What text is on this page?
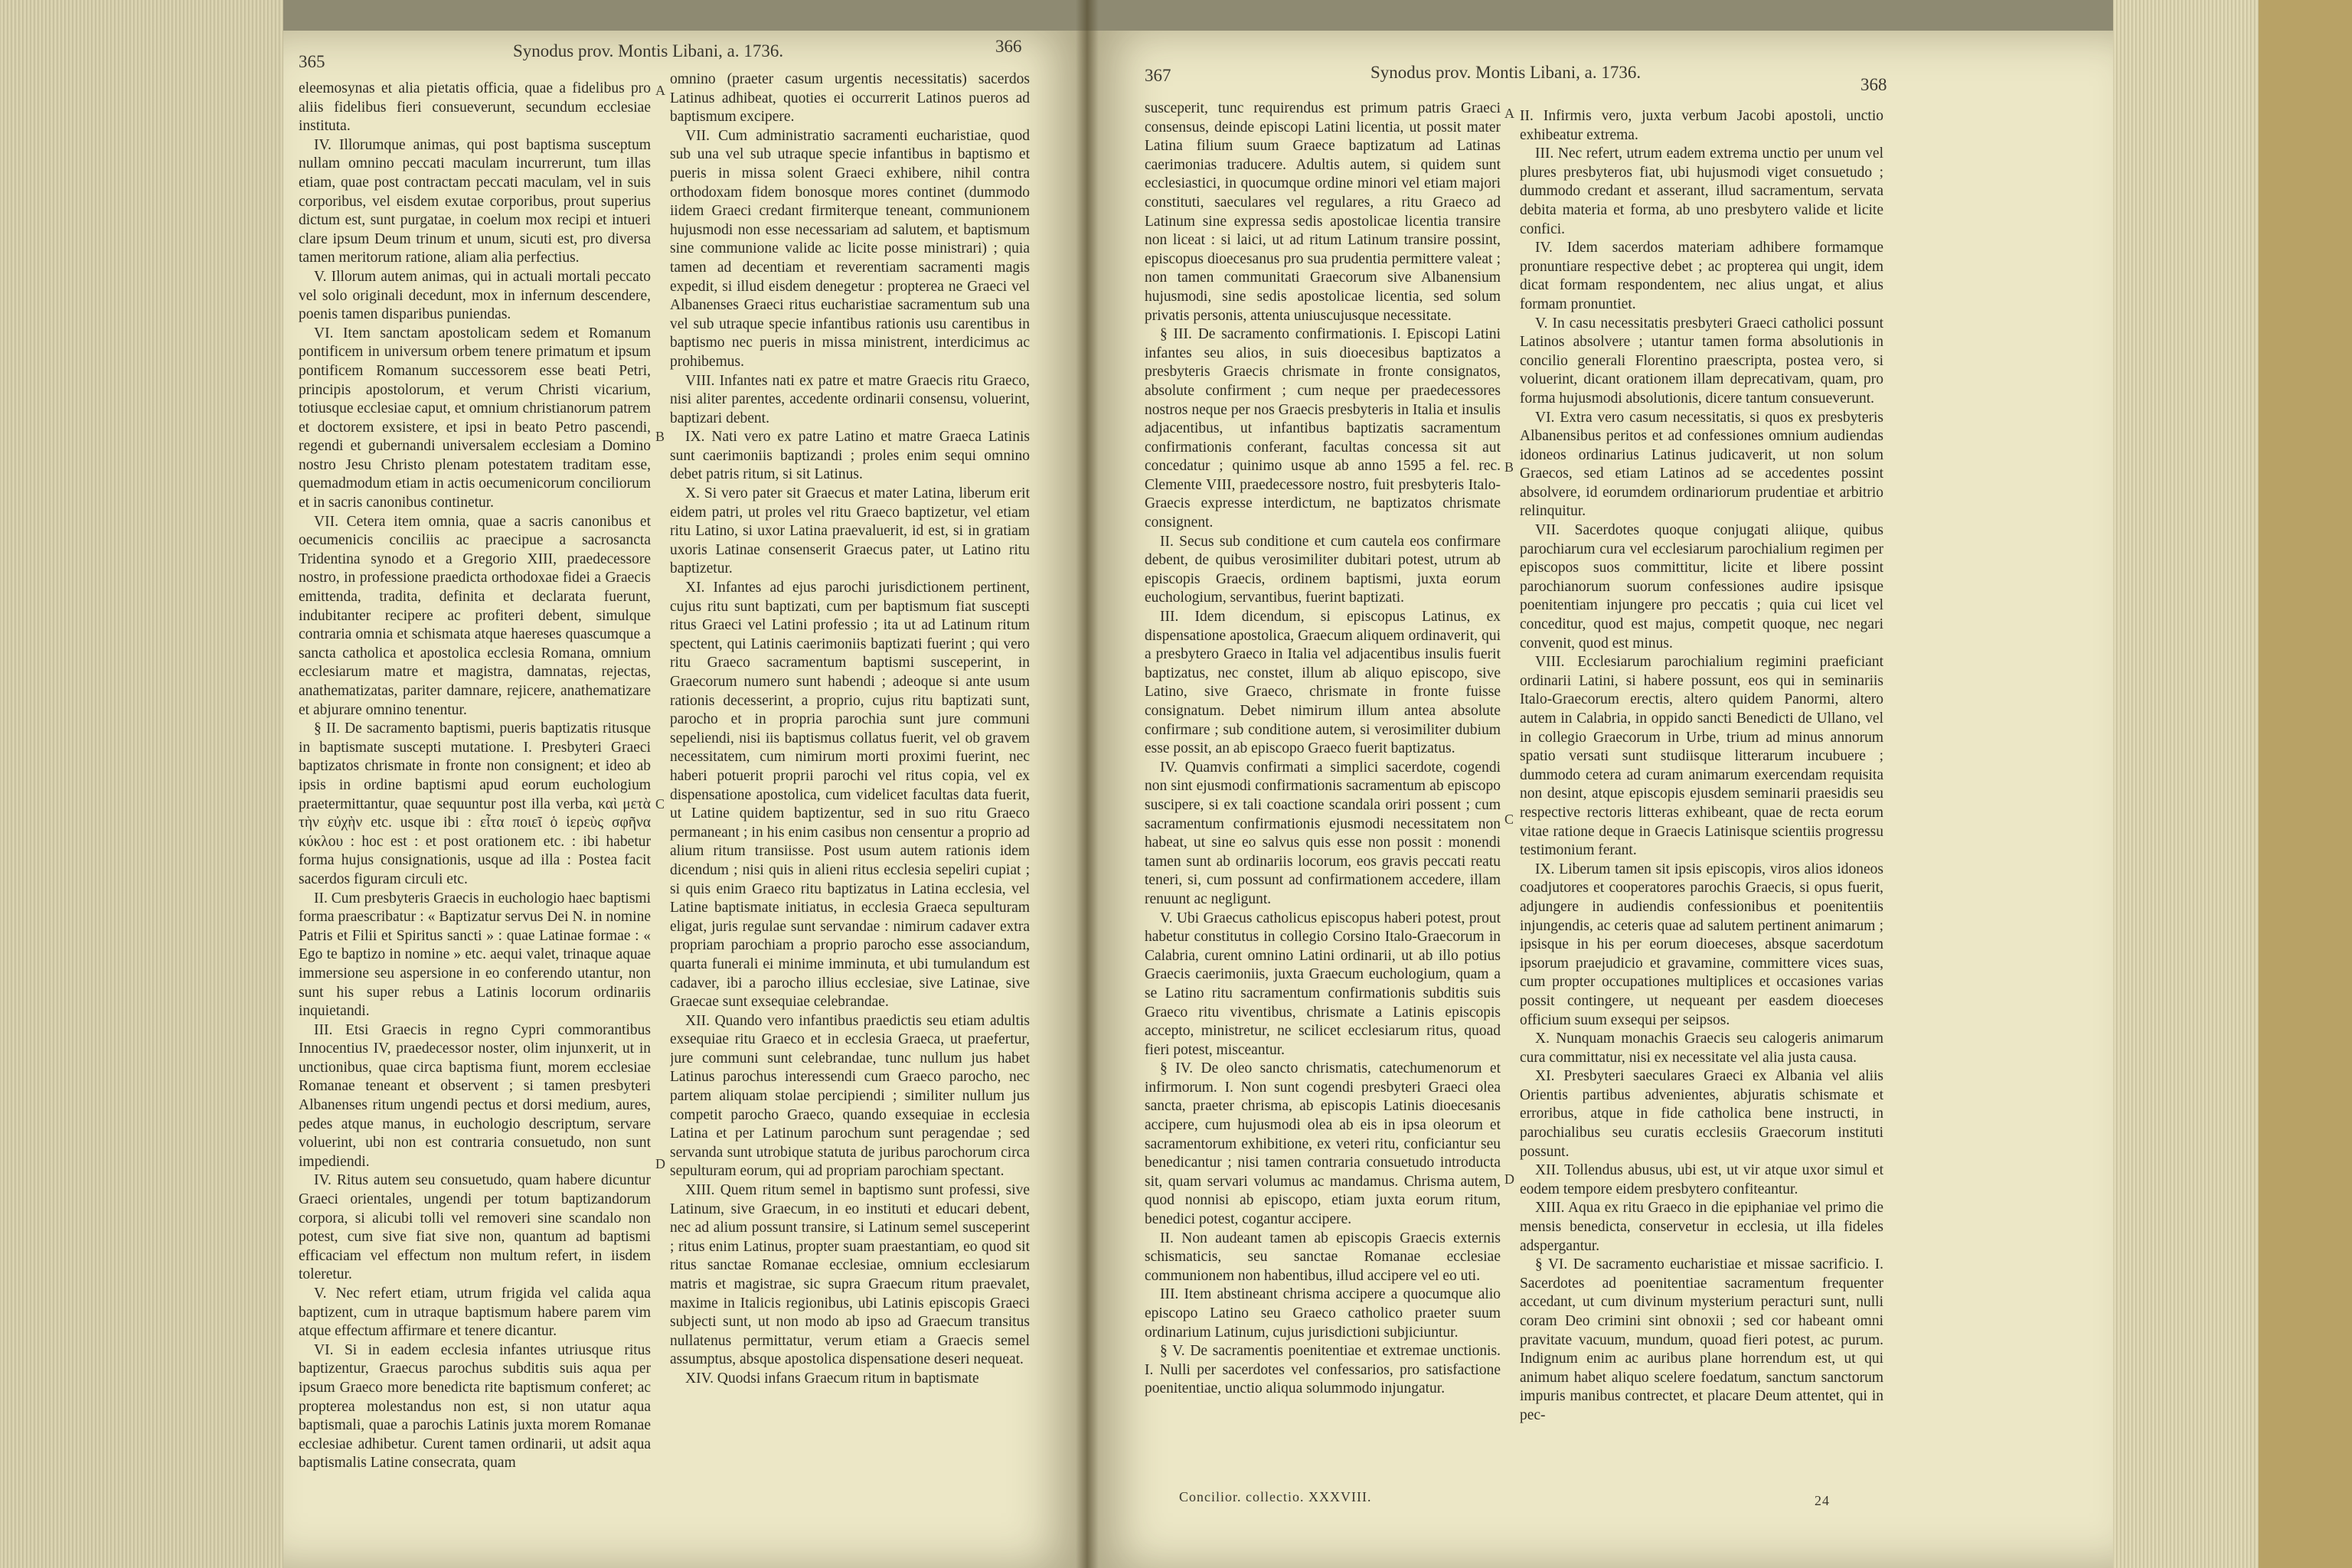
365
Synodus prov. Montis Libani, a. 1736.	366

eleemosynas et alia pietatis officia, quae a fidelibus pro aliis fidelibus fieri consueverunt, secundum ecclesiae instituta.

IV. Illorumque animas, qui post baptisma susceptum nullam omnino peccati maculam incurrerunt, tum illas etiam, quae post contractam peccati maculam, vel in suis corporibus, vel eisdem exutae corporibus, prout superius dictum est, sunt purgatae, in coelum mox recipi et intueri clare ipsum Deum trinum et unum, sicuti est, pro diversa tamen meritorum ratione, aliam alia perfectius.

V. Illorum autem animas, qui in actuali mortali peccato vel solo originali decedunt, mox in infernum descendere, poenis tamen disparibus puniendas.

VI. Item sanctam apostolicam sedem et Romanum pontificem in universum orbem tenere primatum et ipsum pontificem Romanum successorem esse beati Petri, principis apostolorum, et verum Christi vicarium, totiusque ecclesiae caput, et omnium christianorum patrem et doctorem exsistere, et ipsi in beato Petro pascendi, regendi et gubernandi universalem ecclesiam a Domino nostro Jesu Christo plenam potestatem traditam esse, quemadmodum etiam in actis oecumenicorum conciliorum et in sacris canonibus continetur.

VII. Cetera item omnia, quae a sacris canonibus et oecumenicis conciliis ac praecipue a sacrosancta Tridentina synodo et a Gregorio XIII, praedecessore nostro, in professione praedicta orthodoxae fidei a Graecis emittenda, tradita, definita et declarata fuerunt, indubitanter recipere ac profiteri debent, simulque contraria omnia et schismata atque haereses quascumque a sancta catholica et apostolica ecclesia Romana, omnium ecclesiarum matre et magistra, damnatas, rejectas, anathematizatas, pariter damnare, rejicere, anathematizare et abjurare omnino tenentur.

§ II. De sacramento baptismi, pueris baptizatis ritusque in baptismate suscepti mutatione. I. Presbyteri Graeci baptizatos chrismate in fronte non consignent; et ideo ab ipsis in ordine baptismi apud eorum euchologium praetermittantur, quae sequuntur post illa verba, καὶ μετὰ τὴν εὐχὴν etc. usque ibi : εἶτα ποιεῖ ὁ ἱερεὺς σφῆνα κύκλου : hoc est : et post orationem etc. : ibi habetur forma hujus consignationis, usque ad illa : Postea facit sacerdos figuram circuli etc.

II. Cum presbyteris Graecis in euchologio haec baptismi forma praescribatur : « Baptizatur servus Dei N. in nomine Patris et Filii et Spiritus sancti » : quae Latinae formae : « Ego te baptizo in nomine » etc. aequi valet, trinaque aquae immersione seu aspersione in eo conferendo utantur, non sunt his super rebus a Latinis locorum ordinariis inquietandi.

III. Etsi Graecis in regno Cypri commorantibus Innocentius IV, praedecessor noster, olim injunxerit, ut in unctionibus, quae circa baptisma fiunt, morem ecclesiae Romanae teneant et observent ; si tamen presbyteri Albanenses ritum ungendi pectus et dorsi medium, aures, pedes atque manus, in euchologio descriptum, servare voluerint, ubi non est contraria consuetudo, non sunt impediendi.

IV. Ritus autem seu consuetudo, quam habere dicuntur Graeci orientales, ungendi per totum baptizandorum corpora, si alicubi tolli vel removeri sine scandalo non potest, cum sive fiat sive non, quantum ad baptismi efficaciam vel effectum non multum refert, in iisdem toleretur.

V. Nec refert etiam, utrum frigida vel calida aqua baptizent, cum in utraque baptismum habere parem vim atque effectum affirmare et tenere dicantur.

VI. Si in eadem ecclesia infantes utriusque ritus baptizentur, Graecus parochus subditis suis aqua per ipsum Graeco more benedicta rite baptismum conferet; ac propterea molestandus non est, si non utatur aqua baptismali, quae a parochis Latinis juxta morem Romanae ecclesiae adhibetur. Curent tamen ordinarii, ut adsit aqua baptismalis Latine consecrata, quam

A
B
C
D

omnino (praeter casum urgentis necessitatis) sacerdos Latinus adhibeat, quoties ei occurrerit Latinos pueros ad baptismum excipere.

VII. Cum administratio sacramenti eucharistiae, quod sub una vel sub utraque specie infantibus in baptismo et pueris in missa solent Graeci exhibere, nihil contra orthodoxam fidem bonosque mores continet (dummodo iidem Graeci credant firmiterque teneant, communionem hujusmodi non esse necessariam ad salutem, et baptismum sine communione valide ac licite posse ministrari) ; quia tamen ad decentiam et reverentiam sacramenti magis expedit, si illud eisdem denegetur : propterea ne Graeci vel Albanenses Graeci ritus eucharistiae sacramentum sub una vel sub utraque specie infantibus rationis usu carentibus in baptismo nec pueris in missa ministrent, interdicimus ac prohibemus.

VIII. Infantes nati ex patre et matre Graecis ritu Graeco, nisi aliter parentes, accedente ordinarii consensu, voluerint, baptizari debent.

IX. Nati vero ex patre Latino et matre Graeca Latinis sunt caerimoniis baptizandi ; proles enim sequi omnino debet patris ritum, si sit Latinus.

X. Si vero pater sit Graecus et mater Latina, liberum erit eidem patri, ut proles vel ritu Graeco baptizetur, vel etiam ritu Latino, si uxor Latina praevaluerit, id est, si in gratiam uxoris Latinae consenserit Graecus pater, ut Latino ritu baptizetur.

XI. Infantes ad ejus parochi jurisdictionem pertinent, cujus ritu sunt baptizati, cum per baptismum fiat suscepti ritus Graeci vel Latini professio ; ita ut ad Latinum ritum spectent, qui Latinis caerimoniis baptizati fuerint ; qui vero ritu Graeco sacramentum baptismi susceperint, in Graecorum numero sunt habendi ; adeoque si ante usum rationis decesserint, a proprio, cujus ritu baptizati sunt, parocho et in propria parochia sunt jure communi sepeliendi, nisi iis baptismus collatus fuerit, vel ob gravem necessitatem, cum nimirum morti proximi fuerint, nec haberi potuerit proprii parochi vel ritus copia, vel ex dispensatione apostolica, cum videlicet facultas data fuerit, ut Latine quidem baptizentur, sed in suo ritu Graeco permaneant ; in his enim casibus non censentur a proprio ad alium ritum transiisse. Post usum autem rationis idem dicendum ; nisi quis in alieni ritus ecclesia sepeliri cupiat ; si quis enim Graeco ritu baptizatus in Latina ecclesia, vel Latine baptismate initiatus, in ecclesia Graeca sepulturam eligat, juris regulae sunt servandae : nimirum cadaver extra propriam parochiam a proprio parocho esse associandum, quarta funerali ei minime imminuta, et ubi tumulandum est cadaver, ibi a parocho illius ecclesiae, sive Latinae, sive Graecae sunt exsequiae celebrandae.

XII. Quando vero infantibus praedictis seu etiam adultis exsequiae ritu Graeco et in ecclesia Graeca, ut praefertur, jure communi sunt celebrandae, tunc nullum jus habet Latinus parochus interessendi cum Graeco parocho, nec partem aliquam stolae percipiendi ; similiter nullum jus competit parocho Graeco, quando exsequiae in ecclesia Latina et per Latinum parochum sunt peragendae ; sed servanda sunt utrobique statuta de juribus parochorum circa sepulturam eorum, qui ad propriam parochiam spectant.

XIII. Quem ritum semel in baptismo sunt professi, sive Latinum, sive Graecum, in eo instituti et educari debent, nec ad alium possunt transire, si Latinum semel susceperint ; ritus enim Latinus, propter suam praestantiam, eo quod sit ritus sanctae Romanae ecclesiae, omnium ecclesiarum matris et magistrae, sic supra Graecum ritum praevalet, maxime in Italicis regionibus, ubi Latinis episcopis Graeci subjecti sunt, ut non modo ab ipso ad Graecum transitus nullatenus permittatur, verum etiam a Graecis semel assumptus, absque apostolica dispensatione deseri nequeat.

XIV. Quodsi infans Graecum ritum in baptismate

367	Synodus prov. Montis Libani, a. 1736.
368

susceperit, tunc requirendus est primum patris Graeci consensus, deinde episcopi Latini licentia, ut possit mater Latina filium suum Graece baptizatum ad Latinas caerimonias traducere. Adultis autem, si quidem sunt ecclesiastici, in quocumque ordine minori vel etiam majori constituti, saeculares vel regulares, a ritu Graeco ad Latinum sine expressa sedis apostolicae licentia transire non liceat : si laici, ut ad ritum Latinum transire possint, episcopus dioecesanus pro sua prudentia permittere valeat ; non tamen communitati Graecorum sive Albanensium hujusmodi, sine sedis apostolicae licentia, sed solum privatis personis, attenta uniuscujusque necessitate.

§ III. De sacramento confirmationis. I. Episcopi Latini infantes seu alios, in suis dioecesibus baptizatos a presbyteris Graecis chrismate in fronte consignatos, absolute confirment ; cum neque per praedecessores nostros neque per nos Graecis presbyteris in Italia et insulis adjacentibus, ut infantibus baptizatis sacramentum confirmationis conferant, facultas concessa sit aut concedatur ; quinimo usque ab anno 1595 a fel. rec. Clemente VIII, praedecessore nostro, fuit presbyteris Italo-Graecis expresse interdictum, ne baptizatos chrismate consignent.

II. Secus sub conditione et cum cautela eos confirmare debent, de quibus verosimiliter dubitari potest, utrum ab episcopis Graecis, ordinem baptismi, juxta eorum euchologium, servantibus, fuerint baptizati.

III. Idem dicendum, si episcopus Latinus, ex dispensatione apostolica, Graecum aliquem ordinaverit, qui a presbytero Graeco in Italia vel adjacentibus insulis fuerit baptizatus, nec constet, illum ab aliquo episcopo, sive Latino, sive Graeco, chrismate in fronte fuisse consignatum. Debet nimirum illum antea absolute confirmare ; sub conditione autem, si verosimiliter dubium esse possit, an ab episcopo Graeco fuerit baptizatus.

IV. Quamvis confirmati a simplici sacerdote, cogendi non sint ejusmodi confirmationis sacramentum ab episcopo suscipere, si ex tali coactione scandala oriri possent ; cum sacramentum confirmationis ejusmodi necessitatem non habeat, ut sine eo salvus quis esse non possit : monendi tamen sunt ab ordinariis locorum, eos gravis peccati reatu teneri, si, cum possunt ad confirmationem accedere, illam renuunt ac negligunt.

V. Ubi Graecus catholicus episcopus haberi potest, prout habetur constitutus in collegio Corsino Italo-Graecorum in Calabria, curent omnino Latini ordinarii, ut ab illo potius Graecis caerimoniis, juxta Graecum euchologium, quam a se Latino ritu sacramentum confirmationis subditis suis Graeco ritu viventibus, chrismate a Latinis episcopis accepto, ministretur, ne scilicet ecclesiarum ritus, quoad fieri potest, misceantur.

§ IV. De oleo sancto chrismatis, catechumenorum et infirmorum. I. Non sunt cogendi presbyteri Graeci olea sancta, praeter chrisma, ab episcopis Latinis dioecesanis accipere, cum hujusmodi olea ab eis in ipsa oleorum et sacramentorum exhibitione, ex veteri ritu, conficiantur seu benedicantur ; nisi tamen contraria consuetudo introducta sit, quam servari volumus ac mandamus. Chrisma autem, quod nonnisi ab episcopo, etiam juxta eorum ritum, benedici potest, cogantur accipere.

II. Non audeant tamen ab episcopis Graecis externis schismaticis, seu sanctae Romanae ecclesiae communionem non habentibus, illud accipere vel eo uti.

III. Item abstineant chrisma accipere a quocumque alio episcopo Latino seu Graeco catholico praeter suum ordinarium Latinum, cujus jurisdictioni subjiciuntur.

§ V. De sacramentis poenitentiae et extremae unctionis. I. Nulli per sacerdotes vel confessarios, pro satisfactione poenitentiae, unctio aliqua solummodo injungatur.

A
B
C
D

II. Infirmis vero, juxta verbum Jacobi apostoli, unctio exhibeatur extrema.

III. Nec refert, utrum eadem extrema unctio per unum vel plures presbyteros fiat, ubi hujusmodi viget consuetudo ; dummodo credant et asserant, illud sacramentum, servata debita materia et forma, ab uno presbytero valide et licite confici.

IV. Idem sacerdos materiam adhibere formamque pronuntiare respective debet ; ac propterea qui ungit, idem dicat formam respondentem, nec alius ungat, et alius formam pronuntiet.

V. In casu necessitatis presbyteri Graeci catholici possunt Latinos absolvere ; utantur tamen forma absolutionis in concilio generali Florentino praescripta, postea vero, si voluerint, dicant orationem illam deprecativam, quam, pro forma hujusmodi absolutionis, dicere tantum consueverunt.

VI. Extra vero casum necessitatis, si quos ex presbyteris Albanensibus peritos et ad confessiones omnium audiendas idoneos ordinarius Latinus judicaverit, ut non solum Graecos, sed etiam Latinos ad se accedentes possint absolvere, id eorumdem ordinariorum prudentiae et arbitrio relinquitur.

VII. Sacerdotes quoque conjugati aliique, quibus parochiarum cura vel ecclesiarum parochialium regimen per episcopos suos committitur, licite et libere possint parochianorum suorum confessiones audire ipsisque poenitentiam injungere pro peccatis ; quia cui licet vel conceditur, quod est majus, competit quoque, nec negari convenit, quod est minus.

VIII. Ecclesiarum parochialium regimini praeficiant ordinarii Latini, si habere possunt, eos qui in seminariis Italo-Graecorum erectis, altero quidem Panormi, altero autem in Calabria, in oppido sancti Benedicti de Ullano, vel in collegio Graecorum in Urbe, trium ad minus annorum spatio versati sunt studiisque litterarum incubuere ; dummodo cetera ad curam animarum exercendam requisita non desint, atque episcopis ejusdem seminarii praesidis seu respective rectoris litteras exhibeant, quae de recta eorum vitae ratione deque in Graecis Latinisque scientiis progressu testimonium ferant.

IX. Liberum tamen sit ipsis episcopis, viros alios idoneos coadjutores et cooperatores parochis Graecis, si opus fuerit, adjungere in audiendis confessionibus et poenitentiis injungendis, ac ceteris quae ad salutem pertinent animarum ; ipsisque in his per eorum dioeceses, absque sacerdotum ipsorum praejudicio et gravamine, committere vices suas, cum propter occupationes multiplices et occasiones varias possit contingere, ut nequeant per easdem dioeceses officium suum exsequi per seipsos.

X. Nunquam monachis Graecis seu calogeris animarum cura committatur, nisi ex necessitate vel alia justa causa.

XI. Presbyteri saeculares Graeci ex Albania vel aliis Orientis partibus advenientes, abjuratis schismate et erroribus, atque in fide catholica bene instructi, in parochialibus seu curatis ecclesiis Graecorum instituti possunt.

XII. Tollendus abusus, ubi est, ut vir atque uxor simul et eodem tempore eidem presbytero confiteantur.

XIII. Aqua ex ritu Graeco in die epiphaniae vel primo die mensis benedicta, conservetur in ecclesia, ut illa fideles adspergantur.

§ VI. De sacramento eucharistiae et missae sacrificio. I. Sacerdotes ad poenitentiae sacramentum frequenter accedant, ut cum divinum mysterium peracturi sunt, nulli coram Deo crimini sint obnoxii ; sed cor habeant omni pravitate vacuum, mundum, quoad fieri potest, ac purum. Indignum enim ac auribus plane horrendum est, ut qui animum habet aliquo scelere foedatum, sanctum sanctorum impuris manibus contrectet, et placare Deum attentet, qui in pec-

Concilior. collectio. XXXVIII.	24
